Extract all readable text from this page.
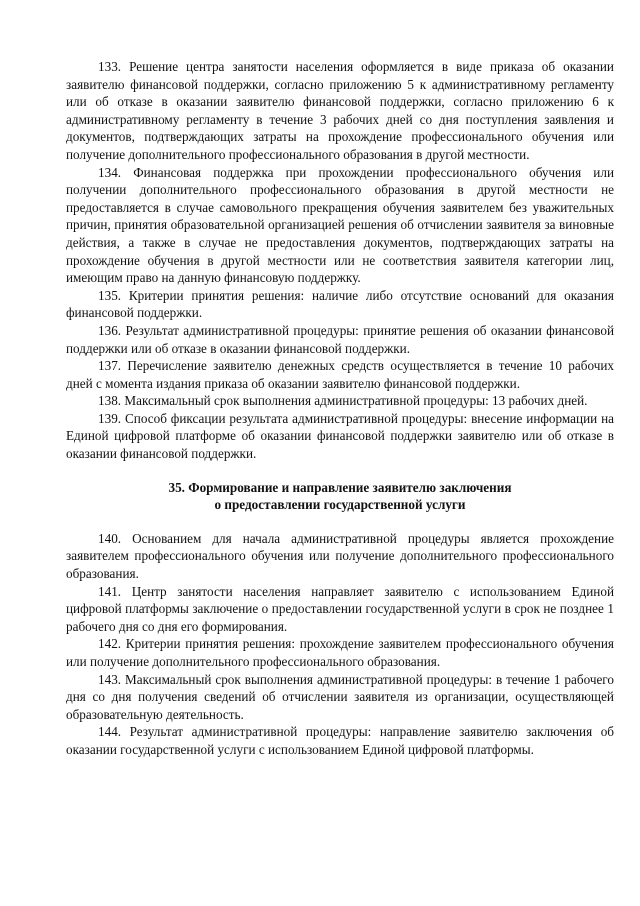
133. Решение центра занятости населения оформляется в виде приказа об оказании заявителю финансовой поддержки, согласно приложению 5 к административному регламенту или об отказе в оказании заявителю финансовой поддержки, согласно приложению 6 к административному регламенту в течение 3 рабочих дней со дня поступления заявления и документов, подтверждающих затраты на прохождение профессионального обучения или получение дополнительного профессионального образования в другой местности.

134. Финансовая поддержка при прохождении профессионального обучения или получении дополнительного профессионального образования в другой местности не предоставляется в случае самовольного прекращения обучения заявителем без уважительных причин, принятия образовательной организацией решения об отчислении заявителя за виновные действия, а также в случае не предоставления документов, подтверждающих затраты на прохождение обучения в другой местности или не соответствия заявителя категории лиц, имеющим право на данную финансовую поддержку.

135. Критерии принятия решения: наличие либо отсутствие оснований для оказания финансовой поддержки.

136. Результат административной процедуры: принятие решения об оказании финансовой поддержки или об отказе в оказании финансовой поддержки.

137. Перечисление заявителю денежных средств осуществляется в течение 10 рабочих дней с момента издания приказа об оказании заявителю финансовой поддержки.

138. Максимальный срок выполнения административной процедуры: 13 рабочих дней.

139. Способ фиксации результата административной процедуры: внесение информации на Единой цифровой платформе об оказании финансовой поддержки заявителю или об отказе в оказании финансовой поддержки.

35. Формирование и направление заявителю заключения
о предоставлении государственной услуги

140. Основанием для начала административной процедуры является прохождение заявителем профессионального обучения или получение дополнительного профессионального образования.

141. Центр занятости населения направляет заявителю с использованием Единой цифровой платформы заключение о предоставлении государственной услуги в срок не позднее 1 рабочего дня со дня его формирования.

142. Критерии принятия решения: прохождение заявителем профессионального обучения или получение дополнительного профессионального образования.

143. Максимальный срок выполнения административной процедуры: в течение 1 рабочего дня со дня получения сведений об отчислении заявителя из организации, осуществляющей образовательную деятельность.

144. Результат административной процедуры: направление заявителю заключения об оказании государственной услуги с использованием Единой цифровой платформы.
